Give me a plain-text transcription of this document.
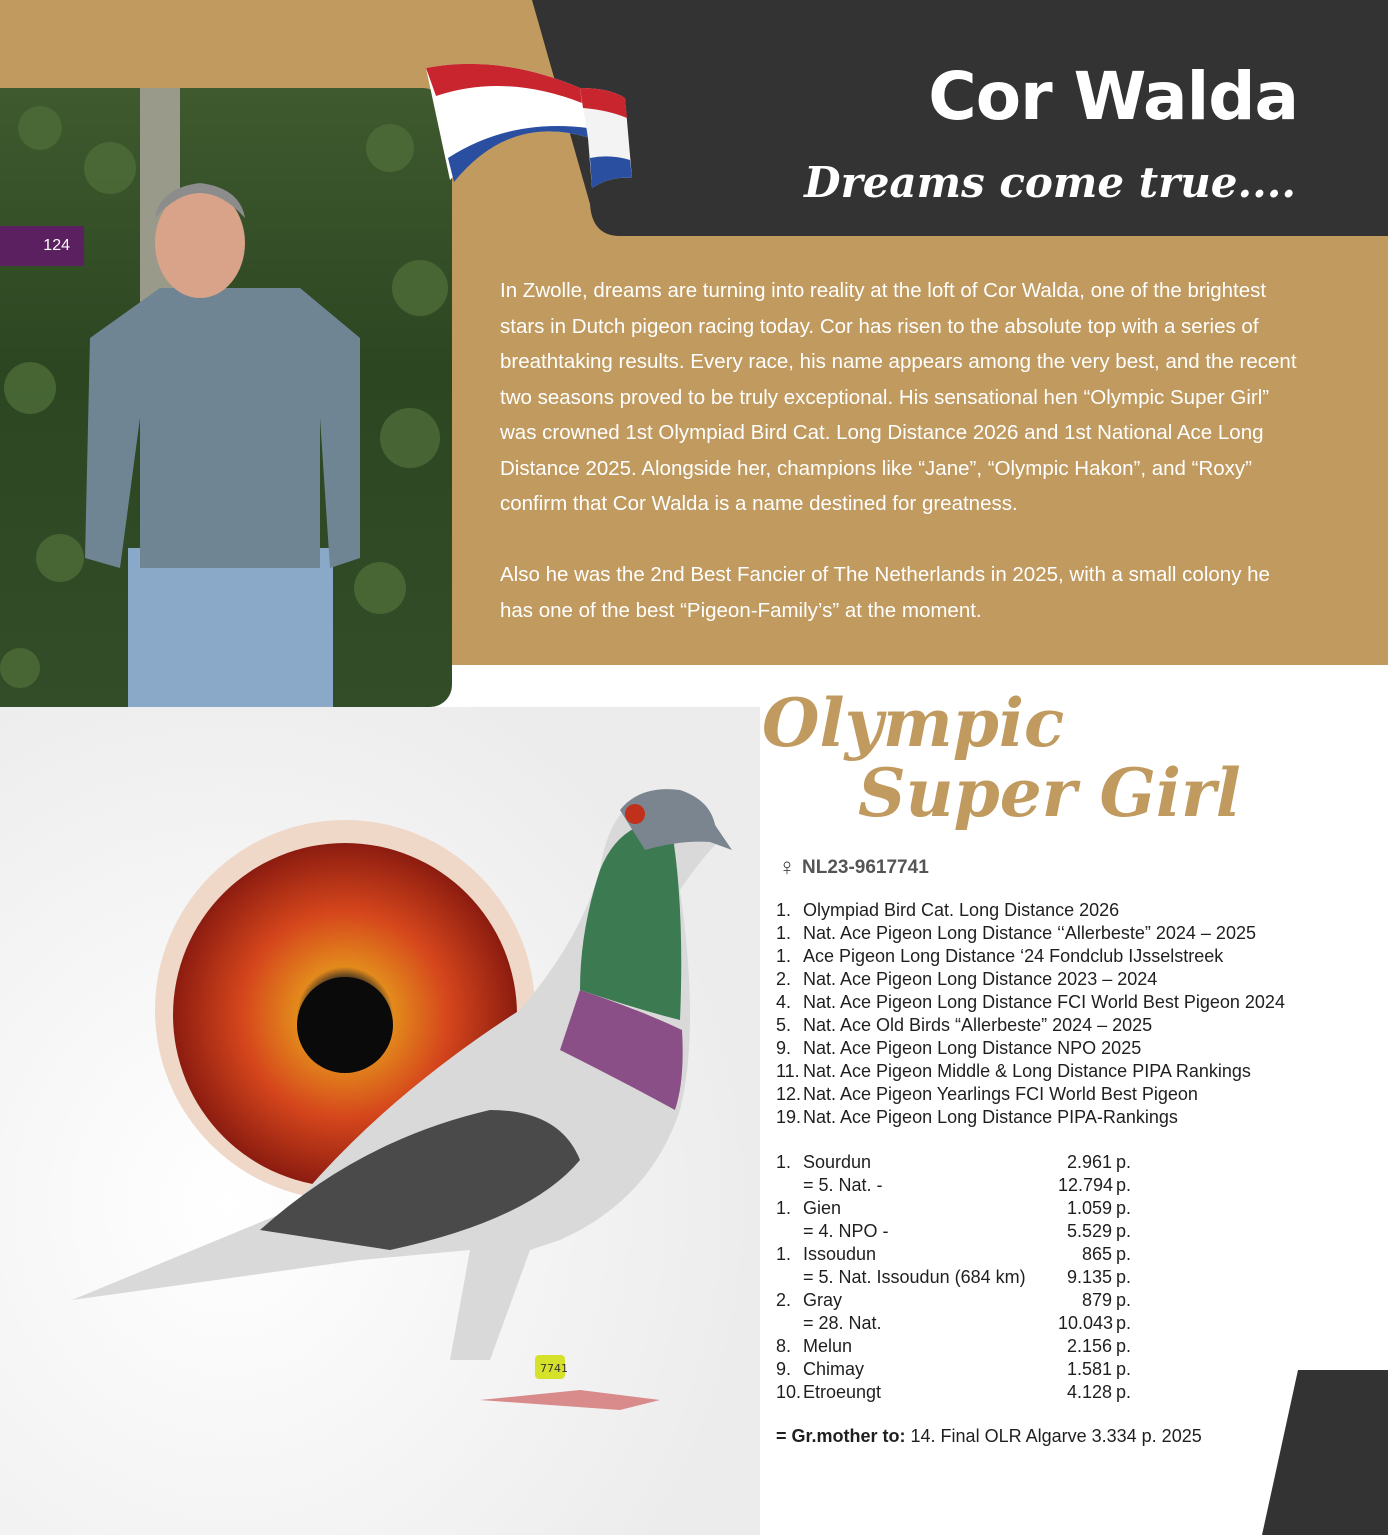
124
Cor Walda
Dreams come true....

In Zwolle, dreams are turning into reality at the loft of Cor Walda, one of the brightest stars in Dutch pigeon racing today. Cor has risen to the absolute top with a series of breathtaking results. Every race, his name appears among the very best, and the recent two seasons proved to be truly exceptional. His sensational hen “Olympic Super Girl” was crowned 1st Olympiad Bird Cat. Long Distance 2026 and 1st National Ace Long Distance 2025. Alongside her, champions like “Jane”, “Olympic Hakon”, and “Roxy” confirm that Cor Walda is a name destined for greatness.

Also he was the 2nd Best Fancier of The Netherlands in 2025, with a small colony he has one of the best “Pigeon-Family’s” at the moment.

7741
Olympic
Super Girl
♀ NL23-9617741
1. Olympiad Bird Cat. Long Distance 2026
1. Nat. Ace Pigeon Long Distance ‘‘Allerbeste” 2024 – 2025
1. Ace Pigeon Long Distance ‘24 Fondclub IJsselstreek
2. Nat. Ace Pigeon Long Distance 2023 – 2024
4. Nat. Ace Pigeon Long Distance FCI World Best Pigeon 2024
5. Nat. Ace Old Birds “Allerbeste” 2024 – 2025
9. Nat. Ace Pigeon Long Distance NPO 2025
11. Nat. Ace Pigeon Middle & Long Distance PIPA Rankings
12. Nat. Ace Pigeon Yearlings FCI World Best Pigeon
19. Nat. Ace Pigeon Long Distance PIPA-Rankings
1. Sourdun	2.961 p.
= 5. Nat. -	12.794 p.
1. Gien	1.059 p.
= 4. NPO -	5.529 p.
1. Issoudun	865 p.
= 5. Nat. Issoudun (684 km)	9.135 p.
2. Gray	879 p.
= 28. Nat.	10.043 p.
8. Melun	2.156 p.
9. Chimay	1.581 p.
10. Etroeungt	4.128 p.
= Gr.mother to: 14. Final OLR Algarve 3.334 p. 2025
